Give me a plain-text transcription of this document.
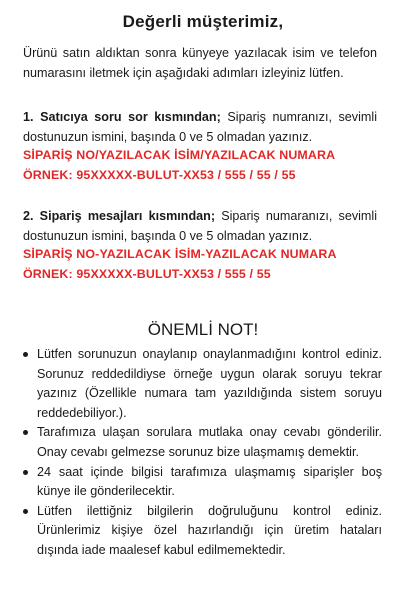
Değerli müşterimiz,
Ürünü satın aldıktan sonra künyeye yazılacak isim ve telefon numarasını iletmek için aşağıdaki adımları izleyiniz lütfen.
1. Satıcıya soru sor kısmından; Sipariş numranızı, sevimli dostunuzun ismini, başında 0 ve 5 olmadan yazınız.
SİPARİŞ NO/YAZILACAK İSİM/YAZILACAK NUMARA
ÖRNEK: 95XXXXX-BULUT-XX53 / 555 / 55 / 55
2. Sipariş mesajları kısmından; Sipariş numaranızı, sevimli dostunuzun ismini, başında 0 ve 5 olmadan yazınız.
SİPARİŞ NO-YAZILACAK İSİM-YAZILACAK NUMARA
ÖRNEK: 95XXXXX-BULUT-XX53 / 555 / 55
ÖNEMLİ NOT!
Lütfen sorunuzun onaylanıp onaylanmadığını kontrol ediniz. Sorunuz reddedildiyse örneğe uygun olarak soruyu tekrar yazınız (Özellikle numara tam yazıldığında sistem soruyu reddedebiliyor.).
Tarafımıza ulaşan sorulara mutlaka onay cevabı gönderilir. Onay cevabı gelmezse sorunuz bize ulaşmamış demektir.
24 saat içinde bilgisi tarafımıza ulaşmamış siparişler boş künye ile gönderilecektir.
Lütfen ilettiğniz bilgilerin doğruluğunu kontrol ediniz. Ürünlerimiz kişiye özel hazırlandığı için üretim hataları dışında iade maalesef kabul edilmemektedir.
